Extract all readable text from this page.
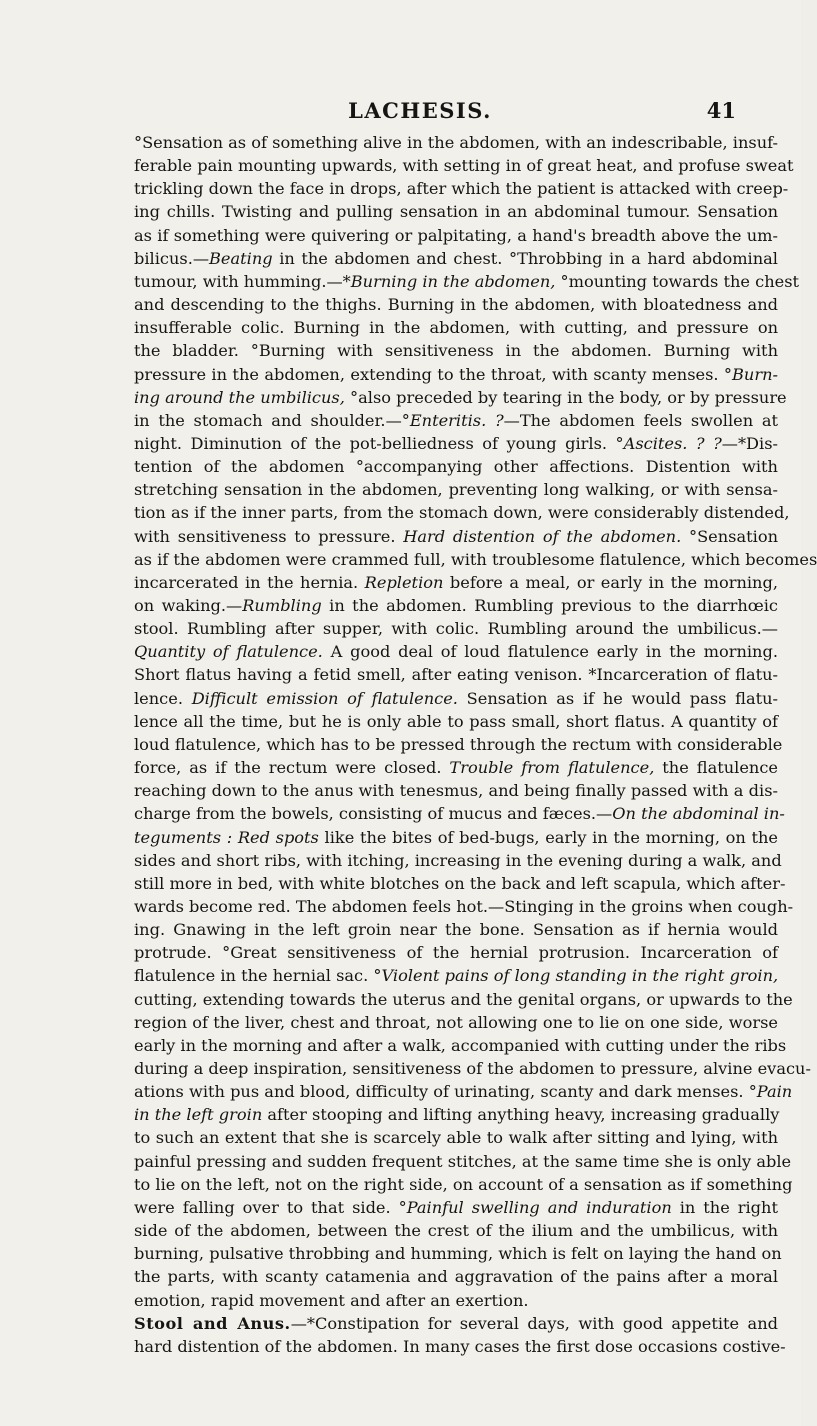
LACHESIS.	41
°Sensation as of something alive in the abdomen, with an indescribable, insuf-
ferable pain mounting upwards, with setting in of great heat, and profuse sweat
trickling down the face in drops, after which the patient is attacked with creep-
ing chills. Twisting and pulling sensation in an abdominal tumour. Sensation
as if something were quivering or palpitating, a hand's breadth above the um-
bilicus.—Beating in the abdomen and chest. °Throbbing in a hard abdominal
tumour, with humming.—*Burning in the abdomen, °mounting towards the chest
and descending to the thighs. Burning in the abdomen, with bloatedness and
insufferable colic. Burning in the abdomen, with cutting, and pressure on
the bladder. °Burning with sensitiveness in the abdomen. Burning with
pressure in the abdomen, extending to the throat, with scanty menses. °Burn-
ing around the umbilicus, °also preceded by tearing in the body, or by pressure
in the stomach and shoulder.—°Enteritis. ?—The abdomen feels swollen at
night. Diminution of the pot-belliedness of young girls. °Ascites. ? ?—*Dis-
tention of the abdomen °accompanying other affections. Distention with
stretching sensation in the abdomen, preventing long walking, or with sensa-
tion as if the inner parts, from the stomach down, were considerably distended,
with sensitiveness to pressure. Hard distention of the abdomen. °Sensation
as if the abdomen were crammed full, with troublesome flatulence, which becomes
incarcerated in the hernia. Repletion before a meal, or early in the morning,
on waking.—Rumbling in the abdomen. Rumbling previous to the diarrhœic
stool. Rumbling after supper, with colic. Rumbling around the umbilicus.—
Quantity of flatulence. A good deal of loud flatulence early in the morning.
Short flatus having a fetid smell, after eating venison. *Incarceration of flatu-
lence. Difficult emission of flatulence. Sensation as if he would pass flatu-
lence all the time, but he is only able to pass small, short flatus. A quantity of
loud flatulence, which has to be pressed through the rectum with considerable
force, as if the rectum were closed. Trouble from flatulence, the flatulence
reaching down to the anus with tenesmus, and being finally passed with a dis-
charge from the bowels, consisting of mucus and fæces.—On the abdominal in-
teguments : Red spots like the bites of bed-bugs, early in the morning, on the
sides and short ribs, with itching, increasing in the evening during a walk, and
still more in bed, with white blotches on the back and left scapula, which after-
wards become red. The abdomen feels hot.—Stinging in the groins when cough-
ing. Gnawing in the left groin near the bone. Sensation as if hernia would
protrude. °Great sensitiveness of the hernial protrusion. Incarceration of
flatulence in the hernial sac. °Violent pains of long standing in the right groin,
cutting, extending towards the uterus and the genital organs, or upwards to the
region of the liver, chest and throat, not allowing one to lie on one side, worse
early in the morning and after a walk, accompanied with cutting under the ribs
during a deep inspiration, sensitiveness of the abdomen to pressure, alvine evacu-
ations with pus and blood, difficulty of urinating, scanty and dark menses. °Pain
in the left groin after stooping and lifting anything heavy, increasing gradually
to such an extent that she is scarcely able to walk after sitting and lying, with
painful pressing and sudden frequent stitches, at the same time she is only able
to lie on the left, not on the right side, on account of a sensation as if something
were falling over to that side. °Painful swelling and induration in the right
side of the abdomen, between the crest of the ilium and the umbilicus, with
burning, pulsative throbbing and humming, which is felt on laying the hand on
the parts, with scanty catamenia and aggravation of the pains after a moral
emotion, rapid movement and after an exertion.
Stool and Anus.—*Constipation for several days, with good appetite and
hard distention of the abdomen. In many cases the first dose occasions costive-
